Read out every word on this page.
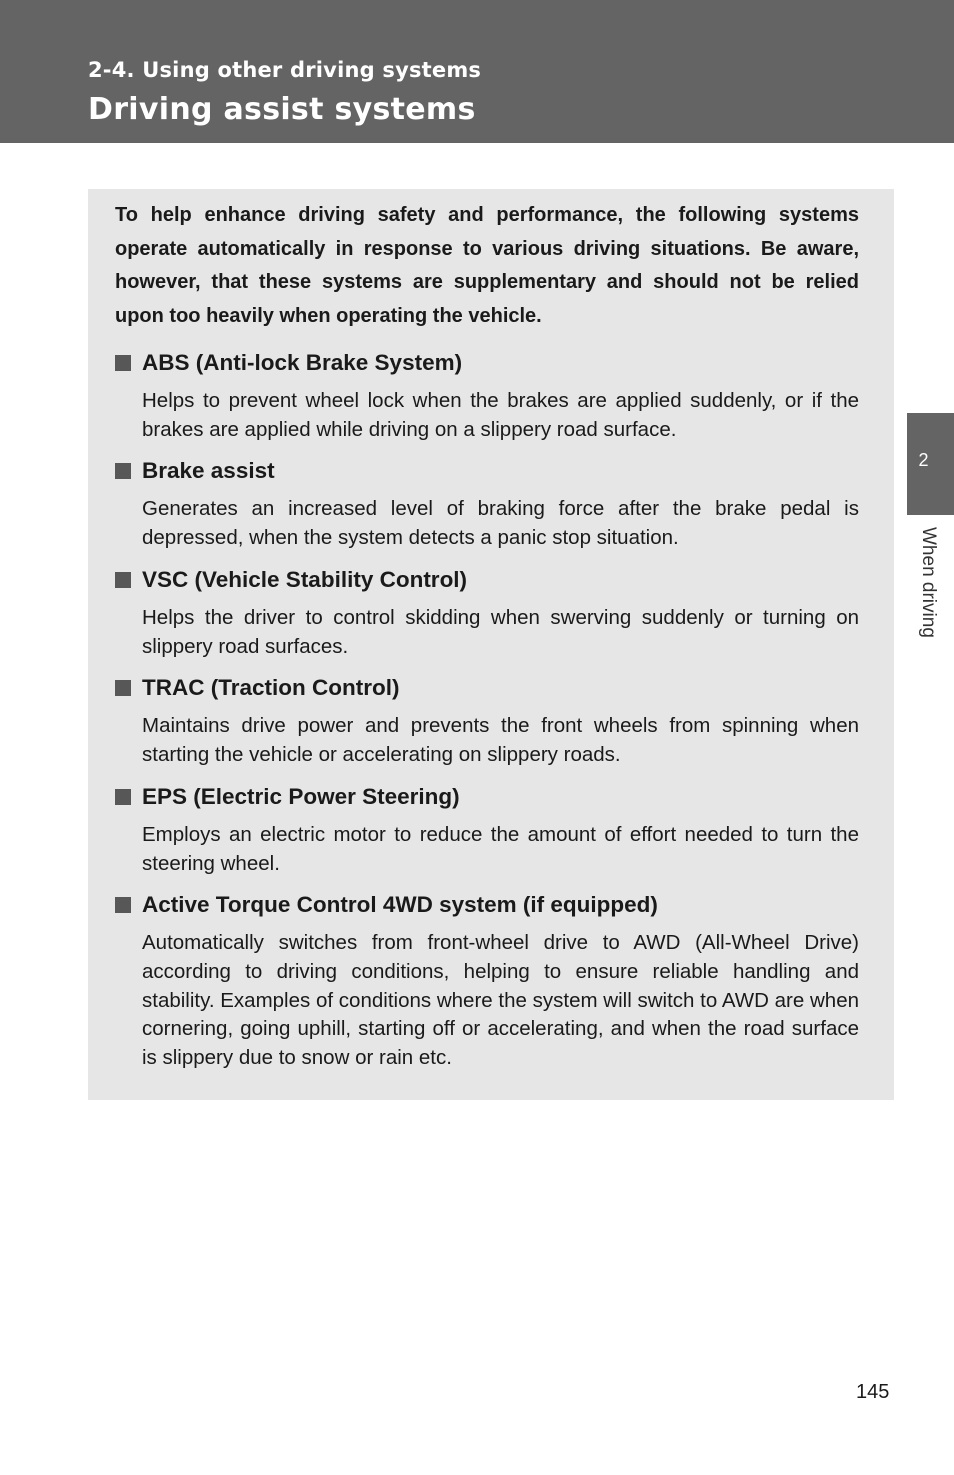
2-4. Using other driving systems
Driving assist systems
2
When driving

To help enhance driving safety and performance, the following systems operate automatically in response to various driving situations. Be aware, however, that these systems are supplementary and should not be relied upon too heavily when operating the vehicle.

ABS (Anti-lock Brake System)

Helps to prevent wheel lock when the brakes are applied suddenly, or if the brakes are applied while driving on a slippery road surface.

Brake assist

Generates an increased level of braking force after the brake pedal is depressed, when the system detects a panic stop situation.

VSC (Vehicle Stability Control)

Helps the driver to control skidding when swerving suddenly or turning on slippery road surfaces.

TRAC (Traction Control)

Maintains drive power and prevents the front wheels from spinning when starting the vehicle or accelerating on slippery roads.

EPS (Electric Power Steering)

Employs an electric motor to reduce the amount of effort needed to turn the steering wheel.

Active Torque Control 4WD system (if equipped)

Automatically switches from front-wheel drive to AWD (All-Wheel Drive) according to driving conditions, helping to ensure reliable handling and stability. Examples of conditions where the system will switch to AWD are when cornering, going uphill, starting off or accelerating, and when the road surface is slippery due to snow or rain etc.

145
